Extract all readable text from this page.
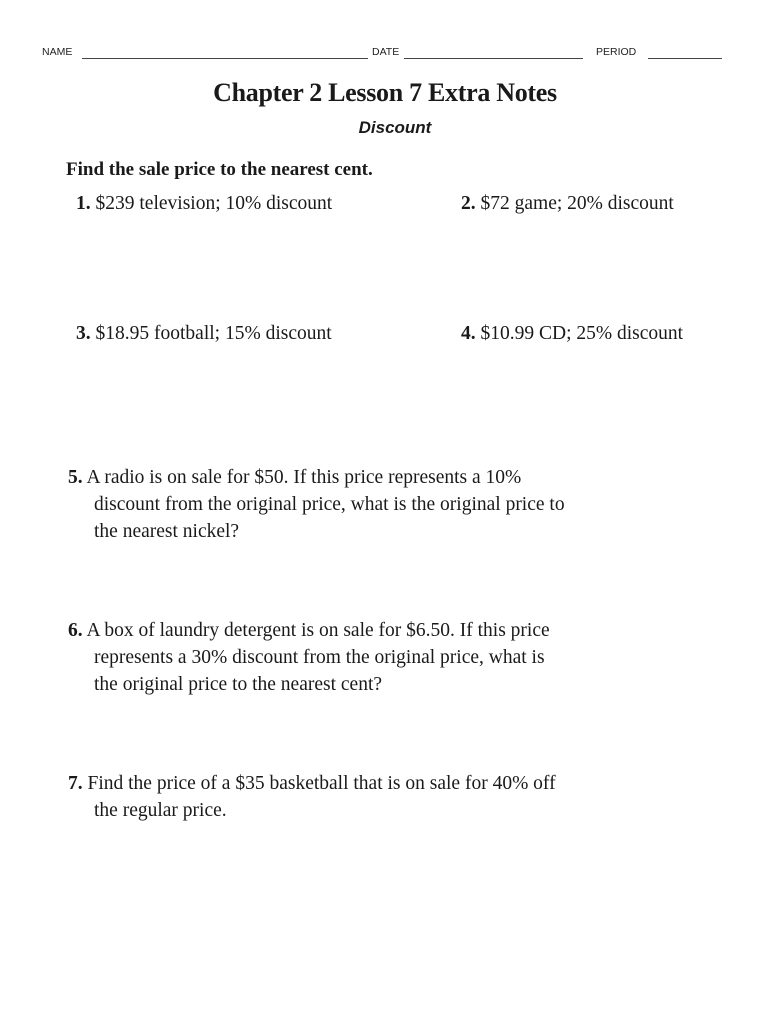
NAME	DATE	PERIOD
Chapter 2 Lesson 7 Extra Notes
Discount
Find the sale price to the nearest cent.
1. $239 television; 10% discount	2. $72 game; 20% discount
3. $18.95 football; 15% discount	4. $10.99 CD; 25% discount
5. A radio is on sale for $50. If this price represents a 10%
discount from the original price, what is the original price to
the nearest nickel?
6. A box of laundry detergent is on sale for $6.50. If this price
represents a 30% discount from the original price, what is
the original price to the nearest cent?
7. Find the price of a $35 basketball that is on sale for 40% off
the regular price.
